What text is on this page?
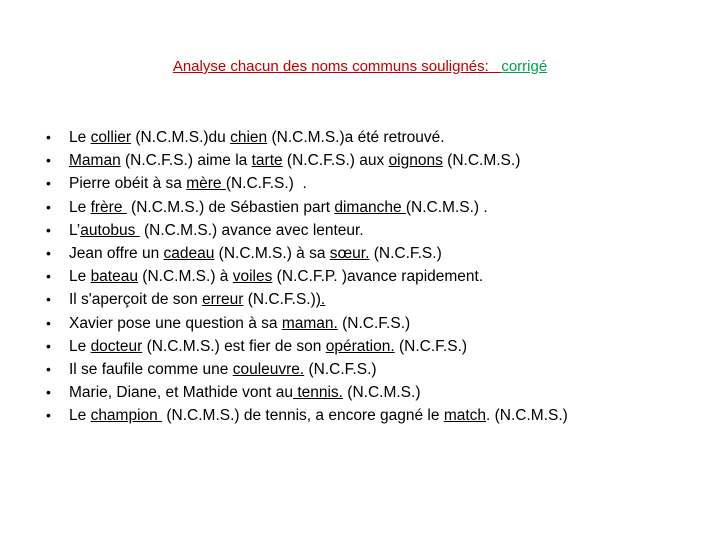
Analyse chacun des noms communs soulignés:   corrigé
• Le collier (N.C.M.S.)du chien (N.C.M.S.)a été retrouvé.
• Maman (N.C.F.S.) aime la tarte (N.C.F.S.) aux oignons (N.C.M.S.)
• Pierre obéit à sa mère (N.C.F.S.)  .
• Le frère  (N.C.M.S.) de Sébastien part dimanche (N.C.M.S.) .
• L’autobus  (N.C.M.S.) avance avec lenteur.
• Jean offre un cadeau (N.C.M.S.) à sa sœur. (N.C.F.S.)
• Le bateau (N.C.M.S.) à voiles (N.C.F.P. )avance rapidement.
• Il s'aperçoit de son erreur (N.C.F.S.)).
• Xavier pose une question à sa maman. (N.C.F.S.)
• Le docteur (N.C.M.S.) est fier de son opération. (N.C.F.S.)
• Il se faufile comme une couleuvre. (N.C.F.S.)
• Marie, Diane, et Mathide vont au tennis. (N.C.M.S.)
• Le champion  (N.C.M.S.) de tennis, a encore gagné le match. (N.C.M.S.)
